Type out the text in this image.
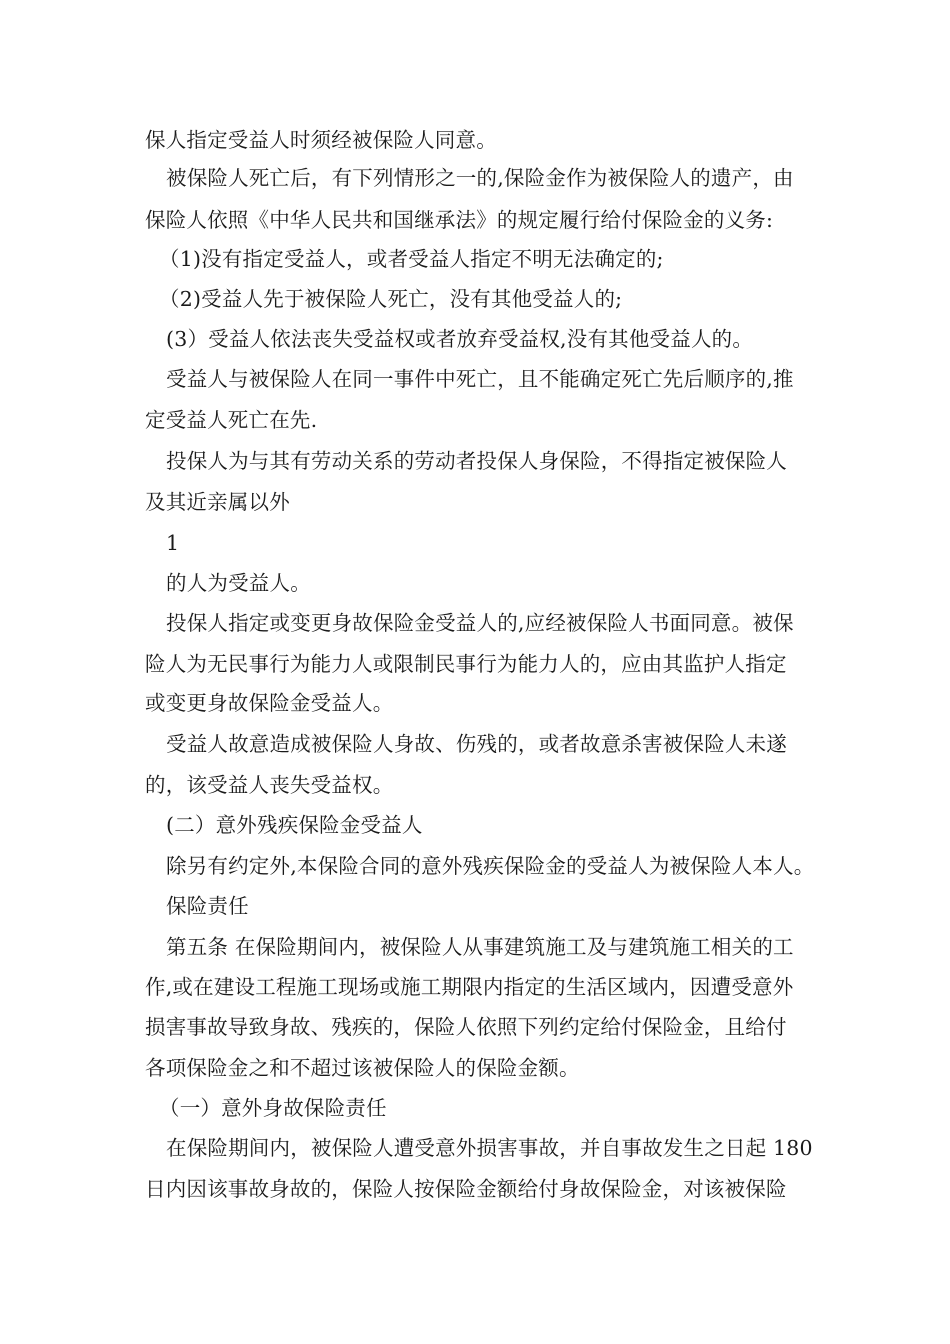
保人指定受益人时须经被保险人同意。
被保险人死亡后，有下列情形之一的,保险金作为被保险人的遗产，由
保险人依照《中华人民共和国继承法》的规定履行给付保险金的义务:
（1)没有指定受益人，或者受益人指定不明无法确定的;
（2)受益人先于被保险人死亡，没有其他受益人的;
(3）受益人依法丧失受益权或者放弃受益权,没有其他受益人的。
受益人与被保险人在同一事件中死亡，且不能确定死亡先后顺序的,推
定受益人死亡在先.
投保人为与其有劳动关系的劳动者投保人身保险，不得指定被保险人
及其近亲属以外
1
的人为受益人。
投保人指定或变更身故保险金受益人的,应经被保险人书面同意。被保
险人为无民事行为能力人或限制民事行为能力人的，应由其监护人指定
或变更身故保险金受益人。
受益人故意造成被保险人身故、伤残的，或者故意杀害被保险人未遂
的，该受益人丧失受益权。
(二）意外残疾保险金受益人
除另有约定外,本保险合同的意外残疾保险金的受益人为被保险人本人。
保险责任
第五条 在保险期间内，被保险人从事建筑施工及与建筑施工相关的工
作,或在建设工程施工现场或施工期限内指定的生活区域内，因遭受意外
损害事故导致身故、残疾的，保险人依照下列约定给付保险金，且给付
各项保险金之和不超过该被保险人的保险金额。
（一）意外身故保险责任
在保险期间内，被保险人遭受意外损害事故，并自事故发生之日起 180
日内因该事故身故的，保险人按保险金额给付身故保险金，对该被保险
